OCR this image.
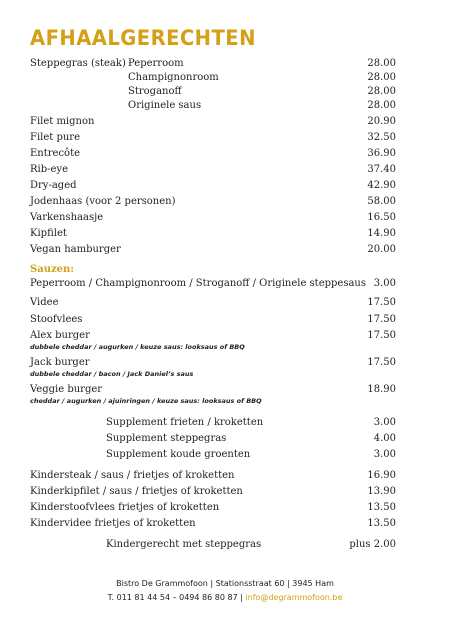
AFHAALGERECHTEN
Steppegras (steak) Peperroom	28.00
Champignonroom	28.00
Stroganoff	28.00
Originele saus	28.00
Filet mignon	20.90
Filet pure	32.50
Entrecôte	36.90
Rib-eye	37.40
Dry-aged	42.90
Jodenhaas (voor 2 personen)	58.00
Varkenshaasje	16.50
Kipfilet	14.90
Vegan hamburger	20.00
Sauzen:
Peperroom / Champignonroom / Stroganoff / Originele steppesaus 3.00
Videe	17.50
Stoofvlees	17.50
Alex burger	17.50
dubbele cheddar / augurken / keuze saus: looksaus of BBQ
Jack burger	17.50
dubbele cheddar / bacon / Jack Daniel’s saus
Veggie burger	18.90
cheddar / augurken / ajuinringen / keuze saus: looksaus of BBQ
Supplement frieten / kroketten	3.00
Supplement steppegras	4.00
Supplement koude groenten	3.00
Kindersteak / saus / frietjes of kroketten	16.90
Kinderkipfilet / saus / frietjes of kroketten	13.90
Kinderstoofvlees frietjes of kroketten	13.50
Kindervidee frietjes of kroketten	13.50
Kindergerecht met steppegras	plus 2.00
Bistro De Grammofoon | Stationsstraat 60 | 3945 Ham
T. 011 81 44 54 – 0494 86 80 87 | info@degrammofoon.be
